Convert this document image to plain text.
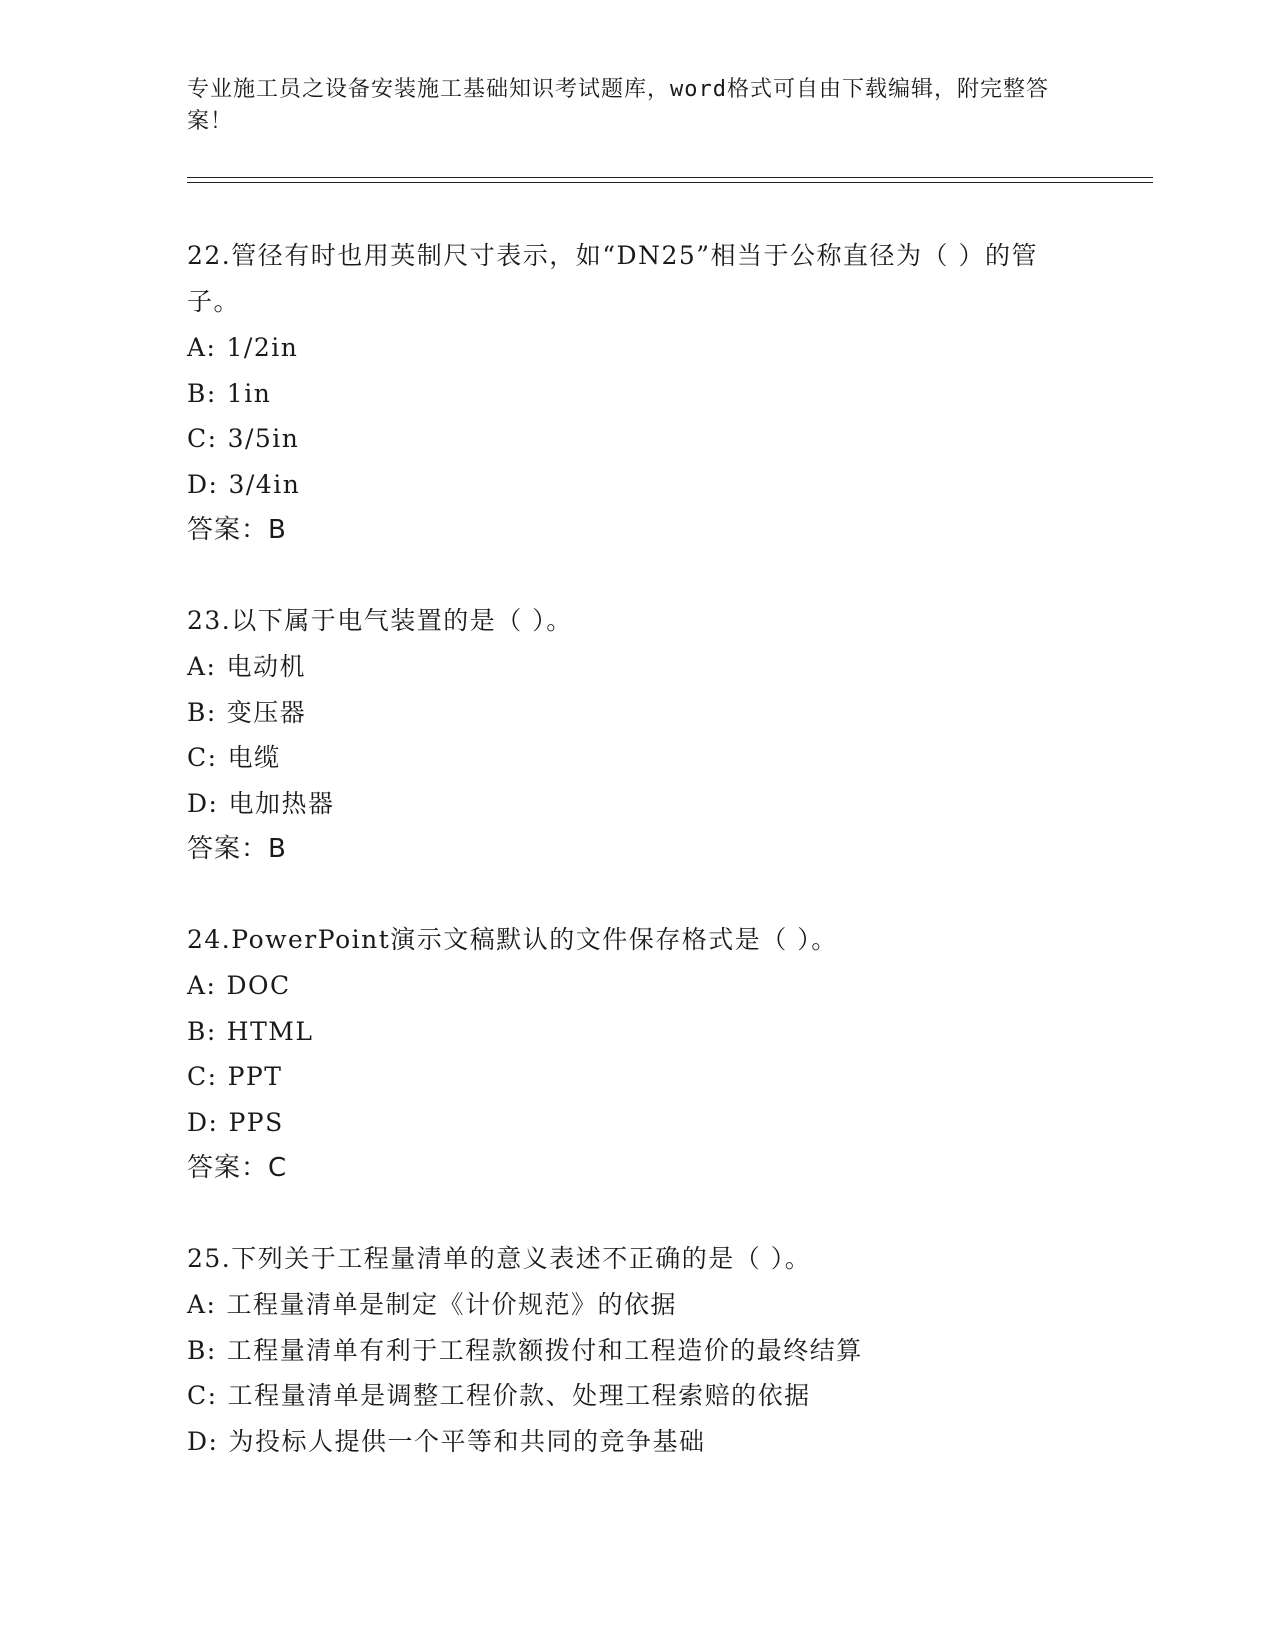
专业施工员之设备安装施工基础知识考试题库，word格式可自由下载编辑，附完整答案！

22.管径有时也用英制尺寸表示，如“DN25”相当于公称直径为（ ）的管子。

A: 1/2in

B: 1in

C: 3/5in

D: 3/4in

答案：B

23.以下属于电气装置的是（ ）。

A: 电动机

B: 变压器

C: 电缆

D: 电加热器

答案：B

24.PowerPoint演示文稿默认的文件保存格式是（ ）。

A: DOC

B: HTML

C: PPT

D: PPS

答案：C

25.下列关于工程量清单的意义表述不正确的是（ ）。

A: 工程量清单是制定《计价规范》的依据

B: 工程量清单有利于工程款额拨付和工程造价的最终结算

C: 工程量清单是调整工程价款、处理工程索赔的依据

D: 为投标人提供一个平等和共同的竞争基础
